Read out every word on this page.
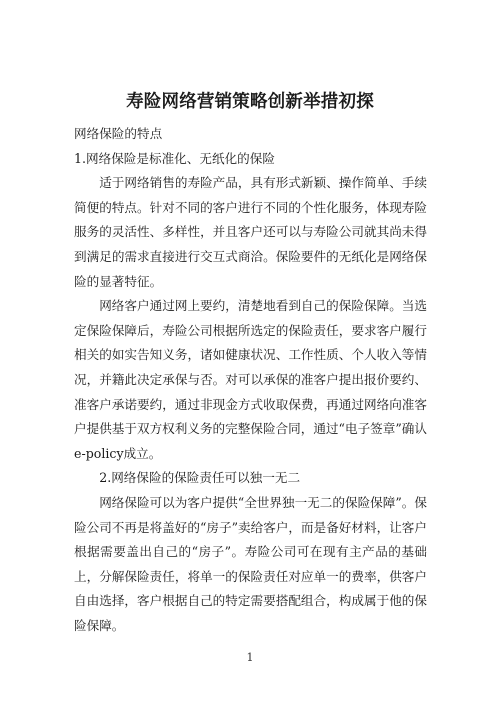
寿险网络营销策略创新举措初探

网络保险的特点

1.网络保险是标准化、无纸化的保险

适于网络销售的寿险产品，具有形式新颖、操作简单、手续简便的特点。针对不同的客户进行不同的个性化服务，体现寿险服务的灵活性、多样性，并且客户还可以与寿险公司就其尚未得到满足的需求直接进行交互式商洽。保险要件的无纸化是网络保险的显著特征。

网络客户通过网上要约，清楚地看到自己的保险保障。当选定保险保障后，寿险公司根据所选定的保险责任，要求客户履行相关的如实告知义务，诸如健康状况、工作性质、个人收入等情况，并籍此决定承保与否。对可以承保的准客户提出报价要约、准客户承诺要约，通过非现金方式收取保费，再通过网络向准客户提供基于双方权利义务的完整保险合同，通过“电子签章”确认e-policy成立。

2.网络保险的保险责任可以独一无二

网络保险可以为客户提供“全世界独一无二的保险保障”。保险公司不再是将盖好的“房子”卖给客户，而是备好材料，让客户根据需要盖出自己的“房子”。寿险公司可在现有主产品的基础上，分解保险责任，将单一的保险责任对应单一的费率，供客户自由选择，客户根据自己的特定需要搭配组合，构成属于他的保险保障。

1
